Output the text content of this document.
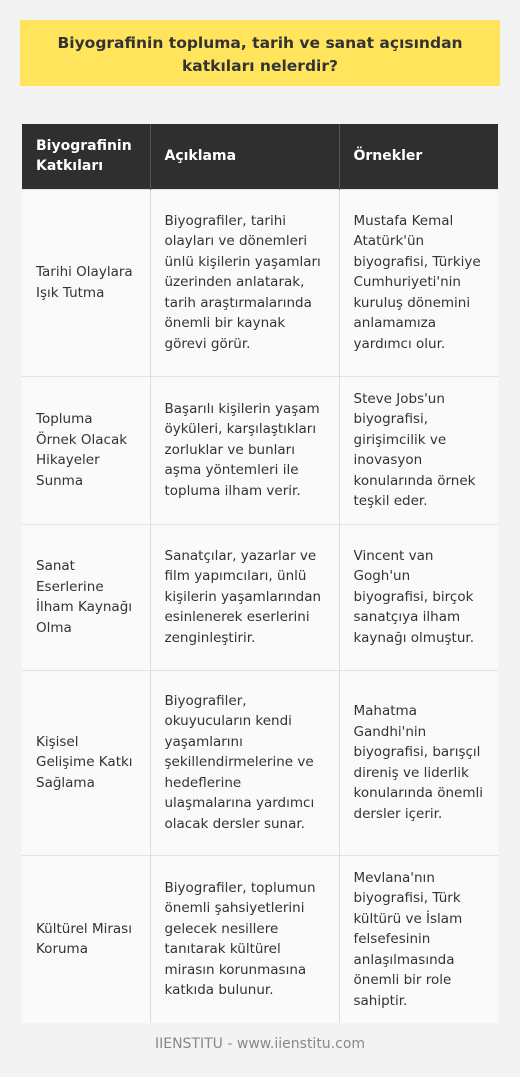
Biyografinin topluma, tarih ve sanat açısından katkıları nelerdir?
Biyografinin Katkıları	Açıklama	Örnekler
Tarihi Olaylara Işık Tutma	Biyografiler, tarihi olayları ve dönemleri ünlü kişilerin yaşamları üzerinden anlatarak, tarih araştırmalarında önemli bir kaynak görevi görür.	Mustafa Kemal Atatürk'ün biyografisi, Türkiye Cumhuriyeti'nin kuruluş dönemini anlamamıza yardımcı olur.
Topluma Örnek Olacak Hikayeler Sunma	Başarılı kişilerin yaşam öyküleri, karşılaştıkları zorluklar ve bunları aşma yöntemleri ile topluma ilham verir.	Steve Jobs'un biyografisi, girişimcilik ve inovasyon konularında örnek teşkil eder.
Sanat Eserlerine İlham Kaynağı Olma	Sanatçılar, yazarlar ve film yapımcıları, ünlü kişilerin yaşamlarından esinlenerek eserlerini zenginleştirir.	Vincent van Gogh'un biyografisi, birçok sanatçıya ilham kaynağı olmuştur.
Kişisel Gelişime Katkı Sağlama	Biyografiler, okuyucuların kendi yaşamlarını şekillendirmelerine ve hedeflerine ulaşmalarına yardımcı olacak dersler sunar.	Mahatma Gandhi'nin biyografisi, barışçıl direniş ve liderlik konularında önemli dersler içerir.
Kültürel Mirası Koruma	Biyografiler, toplumun önemli şahsiyetlerini gelecek nesillere tanıtarak kültürel mirasın korunmasına katkıda bulunur.	Mevlana'nın biyografisi, Türk kültürü ve İslam felsefesinin anlaşılmasında önemli bir role sahiptir.
IIENSTITU - www.iienstitu.com
